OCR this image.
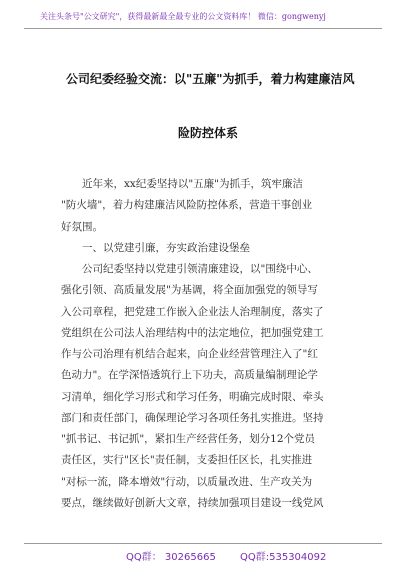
关注头条号"公文研究"，获得最新最全最专业的公文资料库！ 微信：gongwenyj
公司纪委经验交流：以"五廉"为抓手，着力构建廉洁风
险防控体系
近年来，xx纪委坚持以"五廉"为抓手，筑牢廉洁
"防火墙"，着力构建廉洁风险防控体系，营造干事创业
好氛围。
一、以党建引廉，夯实政治建设堡垒
公司纪委坚持以党建引领清廉建设，以"围绕中心、
强化引领、高质量发展"为基调，将全面加强党的领导写
入公司章程，把党建工作嵌入企业法人治理制度，落实了
党组织在公司法人治理结构中的法定地位，把加强党建工
作与公司治理有机结合起来，向企业经营管理注入了"红
色动力"。在学深悟透筑行上下功夫，高质量编制理论学
习清单，细化学习形式和学习任务，明确完成时限、牵头
部门和责任部门，确保理论学习各项任务扎实推进。坚持
"抓书记、书记抓"，紧扣生产经营任务，划分12个党员
责任区，实行"区长"责任制，支委担任区长，扎实推进
"对标一流，降本增效"行动，以质量改进、生产攻关为
要点，继续做好创新大文章，持续加强项目建设一线党风
QQ群： 30265665 QQ群:535304092
